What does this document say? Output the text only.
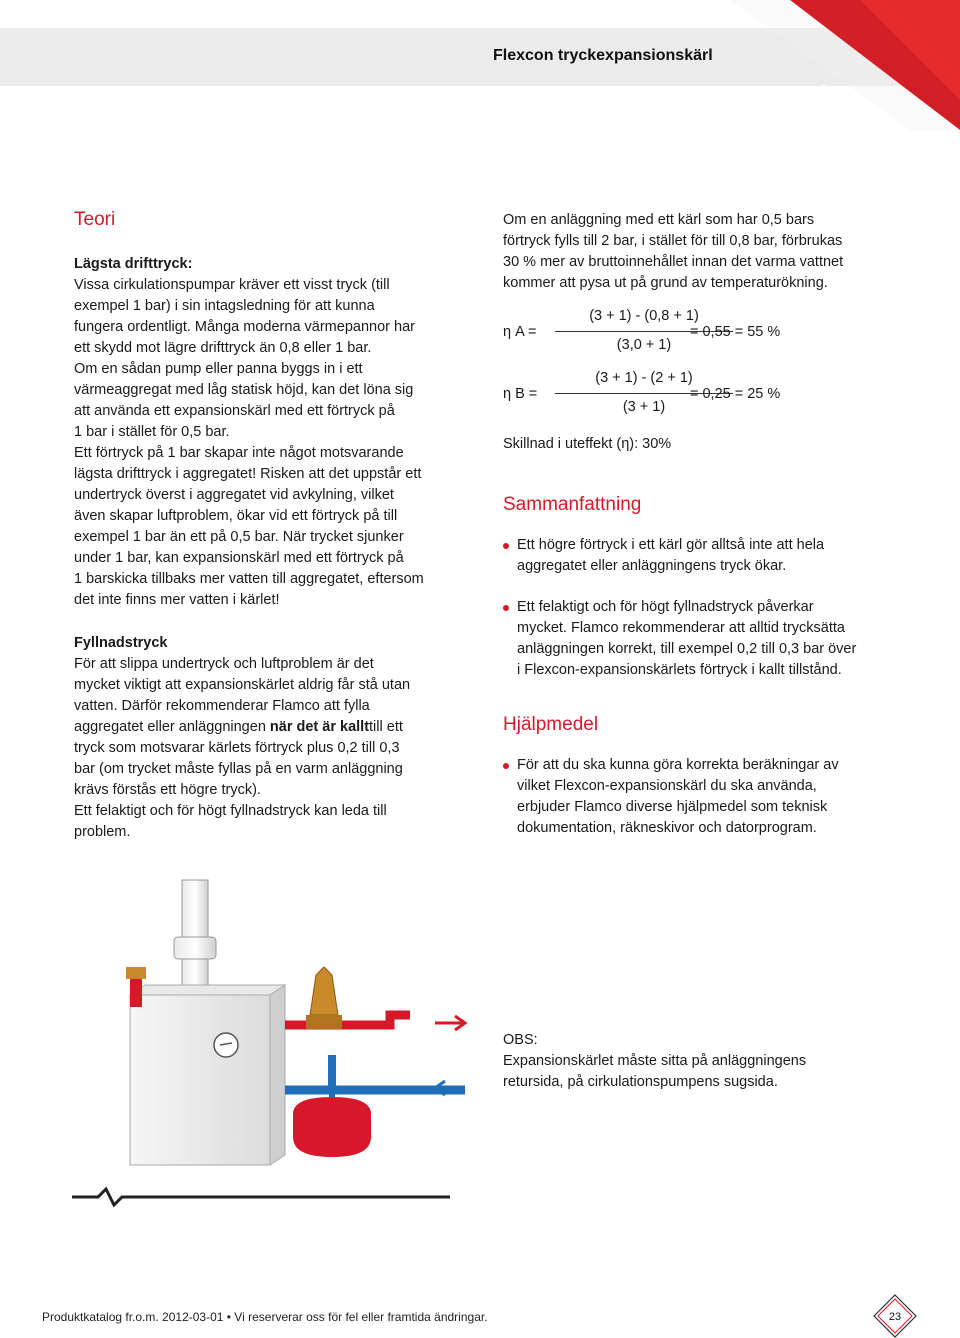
Flexcon tryckexpansionskärl
1
Teori
Lägsta drifttryck:
Vissa cirkulationspumpar kräver ett visst tryck (till
exempel 1 bar) i sin intagsledning för att kunna
fungera ordentligt. Många moderna värmepannor har
ett skydd mot lägre drifttryck än 0,8 eller 1 bar.
Om en sådan pump eller panna byggs in i ett
värmeaggregat med låg statisk höjd, kan det löna sig
att använda ett expansionskärl med ett förtryck på
1 bar i stället för 0,5 bar.
Ett förtryck på 1 bar skapar inte något motsvarande
lägsta drifttryck i aggregatet! Risken att det uppstår ett
undertryck överst i aggregatet vid avkylning, vilket
även skapar luftproblem, ökar vid ett förtryck på till
exempel 1 bar än ett på 0,5 bar. När trycket sjunker
under 1 bar, kan expansionskärl med ett förtryck på
1 barskicka tillbaks mer vatten till aggregatet, eftersom
det inte finns mer vatten i kärlet!
Fyllnadstryck
För att slippa undertryck och luftproblem är det
mycket viktigt att expansionskärlet aldrig får stå utan
vatten. Därför rekommenderar Flamco att fylla
aggregatet eller anläggningen när det är kallttill ett
tryck som motsvarar kärlets förtryck plus 0,2 till 0,3
bar (om trycket måste fyllas på en varm anläggning
krävs förstås ett högre tryck).
Ett felaktigt och för högt fyllnadstryck kan leda till
problem.
Om en anläggning med ett kärl som har 0,5 bars
förtryck fylls till 2 bar, i stället för till 0,8 bar, förbrukas
30 % mer av bruttoinnehållet innan det varma vattnet
kommer att pysa ut på grund av temperaturökning.
η A =
(3 + 1) - (0,8 + 1)
(3,0 + 1)
= 0,55 = 55 %
η B =
(3 + 1) - (2 + 1)
(3 + 1)
= 0,25 = 25 %
Skillnad i uteffekt (η): 30%
Sammanfattning
Ett högre förtryck i ett kärl gör alltså inte att hela
aggregatet eller anläggningens tryck ökar.
Ett felaktigt och för högt fyllnadstryck påverkar
mycket. Flamco rekommenderar att alltid trycksätta
anläggningen korrekt, till exempel 0,2 till 0,3 bar över
i Flexcon-expansionskärlets förtryck i kallt tillstånd.
Hjälpmedel
För att du ska kunna göra korrekta beräkningar av
vilket Flexcon-expansionskärl du ska använda,
erbjuder Flamco diverse hjälpmedel som teknisk
dokumentation, räkneskivor och datorprogram.
OBS:
Expansionskärlet måste sitta på anläggningens
retursida, på cirkulationspumpens sugsida.
Produktkatalog fr.o.m. 2012-03-01 • Vi reserverar oss för fel eller framtida ändringar.	23
